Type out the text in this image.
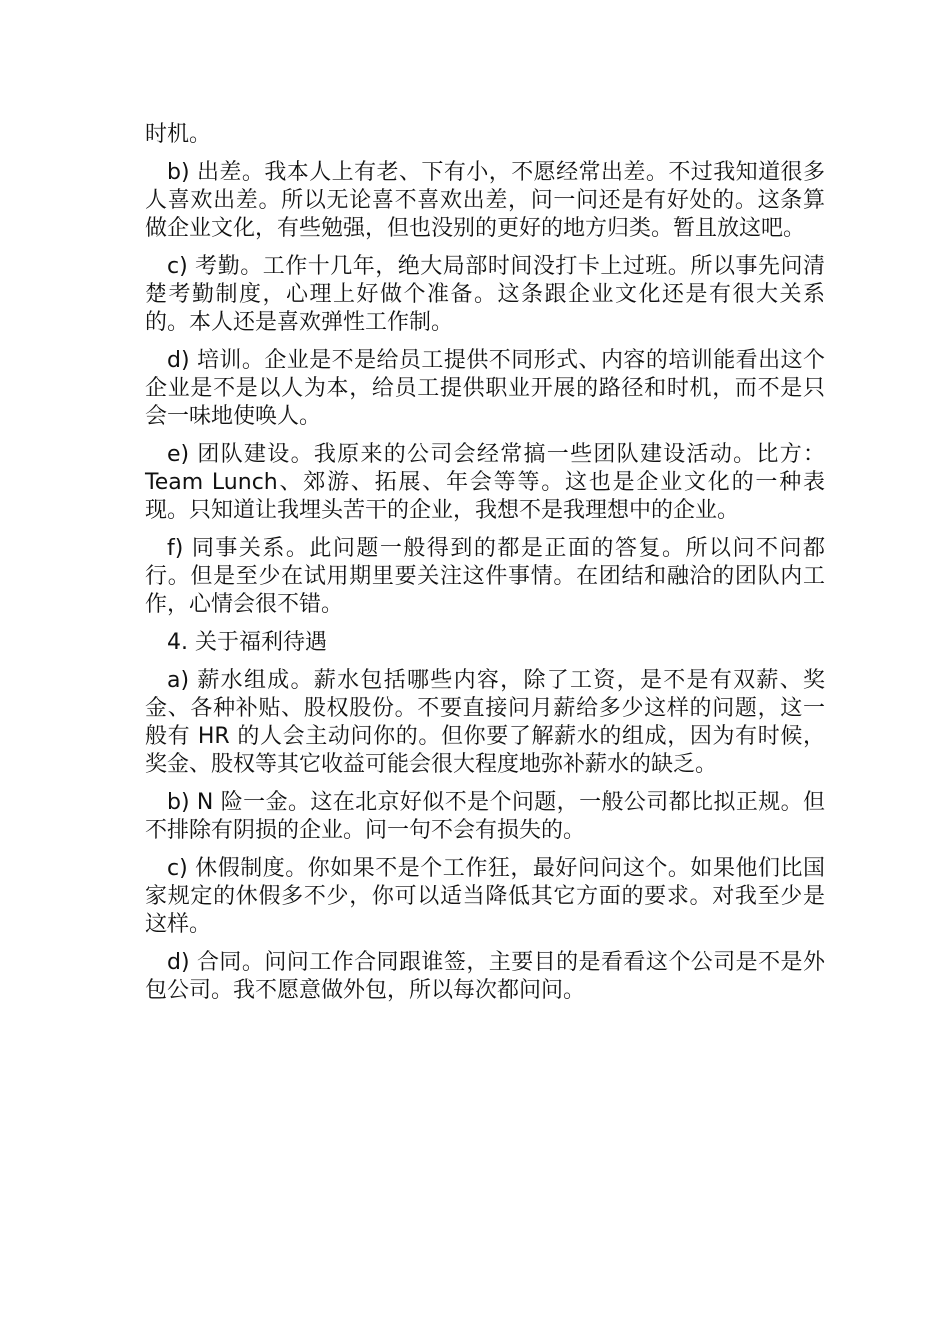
时机。

b) 出差。我本人上有老、下有小，不愿经常出差。不过我知道很多人喜欢出差。所以无论喜不喜欢出差，问一问还是有好处的。这条算做企业文化，有些勉强，但也没别的更好的地方归类。暂且放这吧。

c) 考勤。工作十几年，绝大局部时间没打卡上过班。所以事先问清楚考勤制度，心理上好做个准备。这条跟企业文化还是有很大关系的。本人还是喜欢弹性工作制。

d) 培训。企业是不是给员工提供不同形式、内容的培训能看出这个企业是不是以人为本，给员工提供职业开展的路径和时机，而不是只会一味地使唤人。

e) 团队建设。我原来的公司会经常搞一些团队建设活动。比方：Team Lunch、郊游、拓展、年会等等。这也是企业文化的一种表现。只知道让我埋头苦干的企业，我想不是我理想中的企业。

f) 同事关系。此问题一般得到的都是正面的答复。所以问不问都行。但是至少在试用期里要关注这件事情。在团结和融洽的团队内工作，心情会很不错。

4. 关于福利待遇

a) 薪水组成。薪水包括哪些内容，除了工资，是不是有双薪、奖金、各种补贴、股权股份。不要直接问月薪给多少这样的问题，这一般有 HR 的人会主动问你的。但你要了解薪水的组成，因为有时候，奖金、股权等其它收益可能会很大程度地弥补薪水的缺乏。

b) N 险一金。这在北京好似不是个问题，一般公司都比拟正规。但不排除有阴损的企业。问一句不会有损失的。

c) 休假制度。你如果不是个工作狂，最好问问这个。如果他们比国家规定的休假多不少，你可以适当降低其它方面的要求。对我至少是这样。

d) 合同。问问工作合同跟谁签，主要目的是看看这个公司是不是外包公司。我不愿意做外包，所以每次都问问。
